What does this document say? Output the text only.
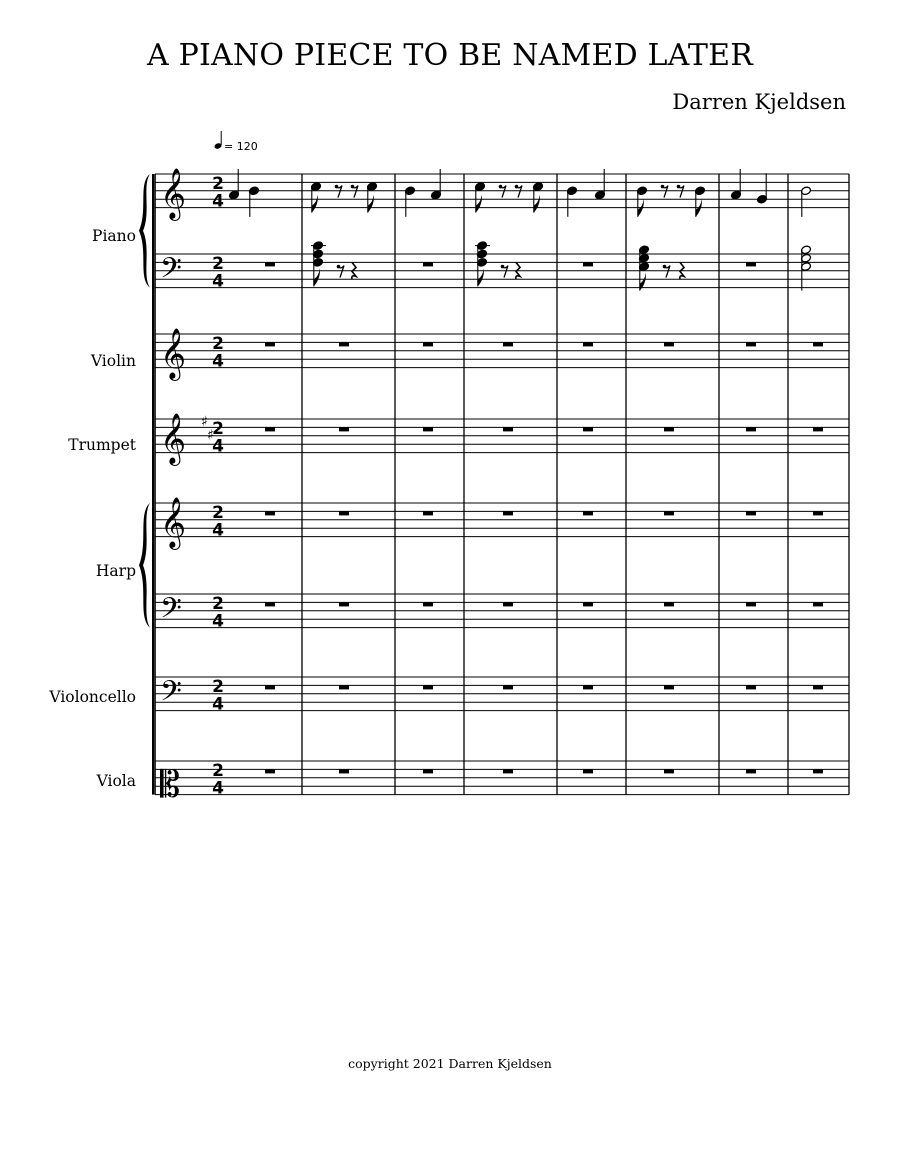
A PIANO PIECE TO BE NAMED LATER
Darren Kjeldsen
Piano
Violin
Trumpet
Harp
Violoncello
Viola
= 120
𝄞 2
4
𝄢 2
4
𝄞 2
4
𝄞 ♯
♯
2
4
𝄞 2
4
𝄢 2
4
𝄢 2
4
𝄡 2
4
copyright 2021 Darren Kjeldsen
